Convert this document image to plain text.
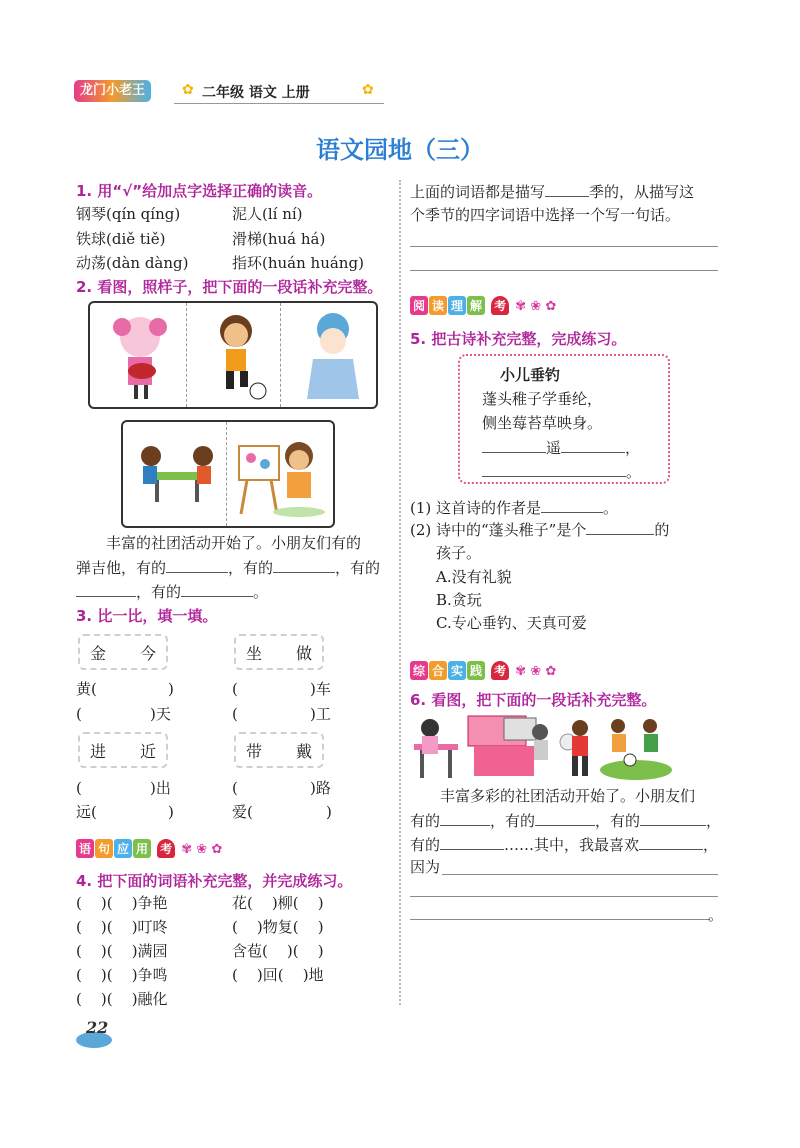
龙门小老王	✿ 二年级 语文 上册	✿
语文园地（三）
1. 用“√”给加点字选择正确的读音。
钢琴(qín qíng)	泥人(lí ní)
铁球(diě tiě)	滑梯(huá há)
动荡(dàn dàng)	指环(huán huáng)
2. 看图，照样子，把下面的一段话补充完整。
丰富的社团活动开始了。小朋友们有的
弹吉他，有的	，有的	，有的
，有的	。
3. 比一比，填一填。
金 今	坐 做
黄(	)	(	)车
(	)天	(	)工
进 近	带 戴
(	)出	(	)路
远(	)	爱(	)
语 句 应 用 考 ✾ ❀ ✿
4. 把下面的词语补充完整，并完成练习。
(    )(    )争艳	花(    )柳(    )
(    )(    )叮咚	(    )物复(    )
(    )(    )满园	含苞(    )(    )
(    )(    )争鸣	(    )回(    )地
(    )(    )融化
22
上面的词语都是描写	季的，从描写这
个季节的四字词语中选择一个写一句话。
阅 读 理 解 考 ✾ ❀ ✿
5. 把古诗补充完整，完成练习。
小儿垂钓
蓬头稚子学垂纶，
侧坐莓苔草映身。
遥	，
。
(1) 这首诗的作者是	。
(2) 诗中的“蓬头稚子”是个	的
孩子。
A.没有礼貌
B.贪玩
C.专心垂钓、天真可爱
综 合 实 践 考 ✾ ❀ ✿
6. 看图，把下面的一段话补充完整。
丰富多彩的社团活动开始了。小朋友们
有的	，有的	，有的	，
有的	……其中，我最喜欢	，
因为
。
